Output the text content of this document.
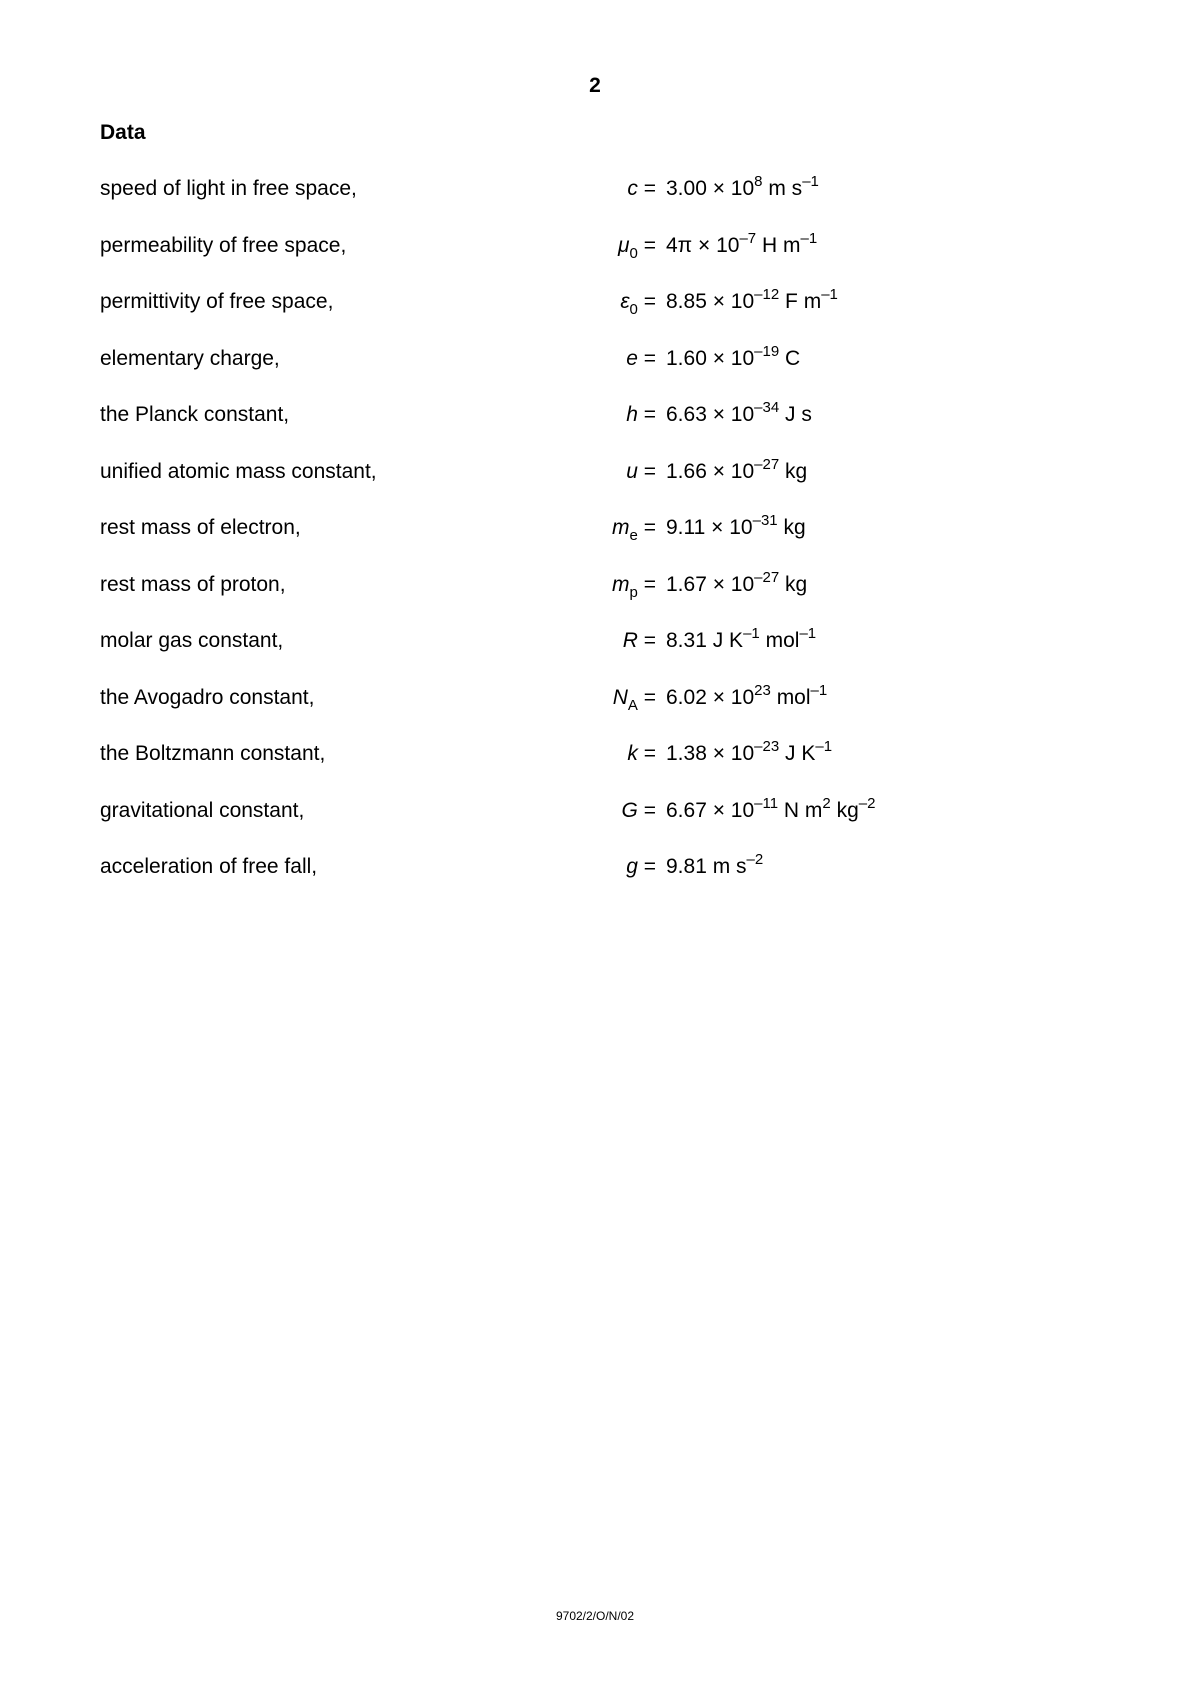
2
Data
speed of light in free space,	$c = 3.00 \times 10^8$ m $s^{-1}$
permeability of free space,	$\mu_0 = 4\pi \times 10^{-7}$ H $m^{-1}$
permittivity of free space,	$\varepsilon_0 = 8.85 \times 10^{-12}$ F $m^{-1}$
elementary charge,	$e = 1.60 \times 10^{-19}$ C
the Planck constant,	$h = 6.63 \times 10^{-34}$ J s
unified atomic mass constant,	$u = 1.66 \times 10^{-27}$ kg
rest mass of electron,	$m_e = 9.11 \times 10^{-31}$ kg
rest mass of proton,	$m_p = 1.67 \times 10^{-27}$ kg
molar gas constant,	R = 8.31 J $K^{-1}$ mol$^{-1}$
the Avogadro constant,	$N_A = 6.02 \times 10^{23}$ mol$^{-1}$
the Boltzmann constant,	$k = 1.38 \times 10^{-23}$ J $K^{-1}$
gravitational constant,	$G = 6.67 \times 10^{-11}$ N $m^2$ $kg^{-2}$
acceleration of free fall,	g = 9.81 m $s^{-2}$
9702/2/O/N/02
